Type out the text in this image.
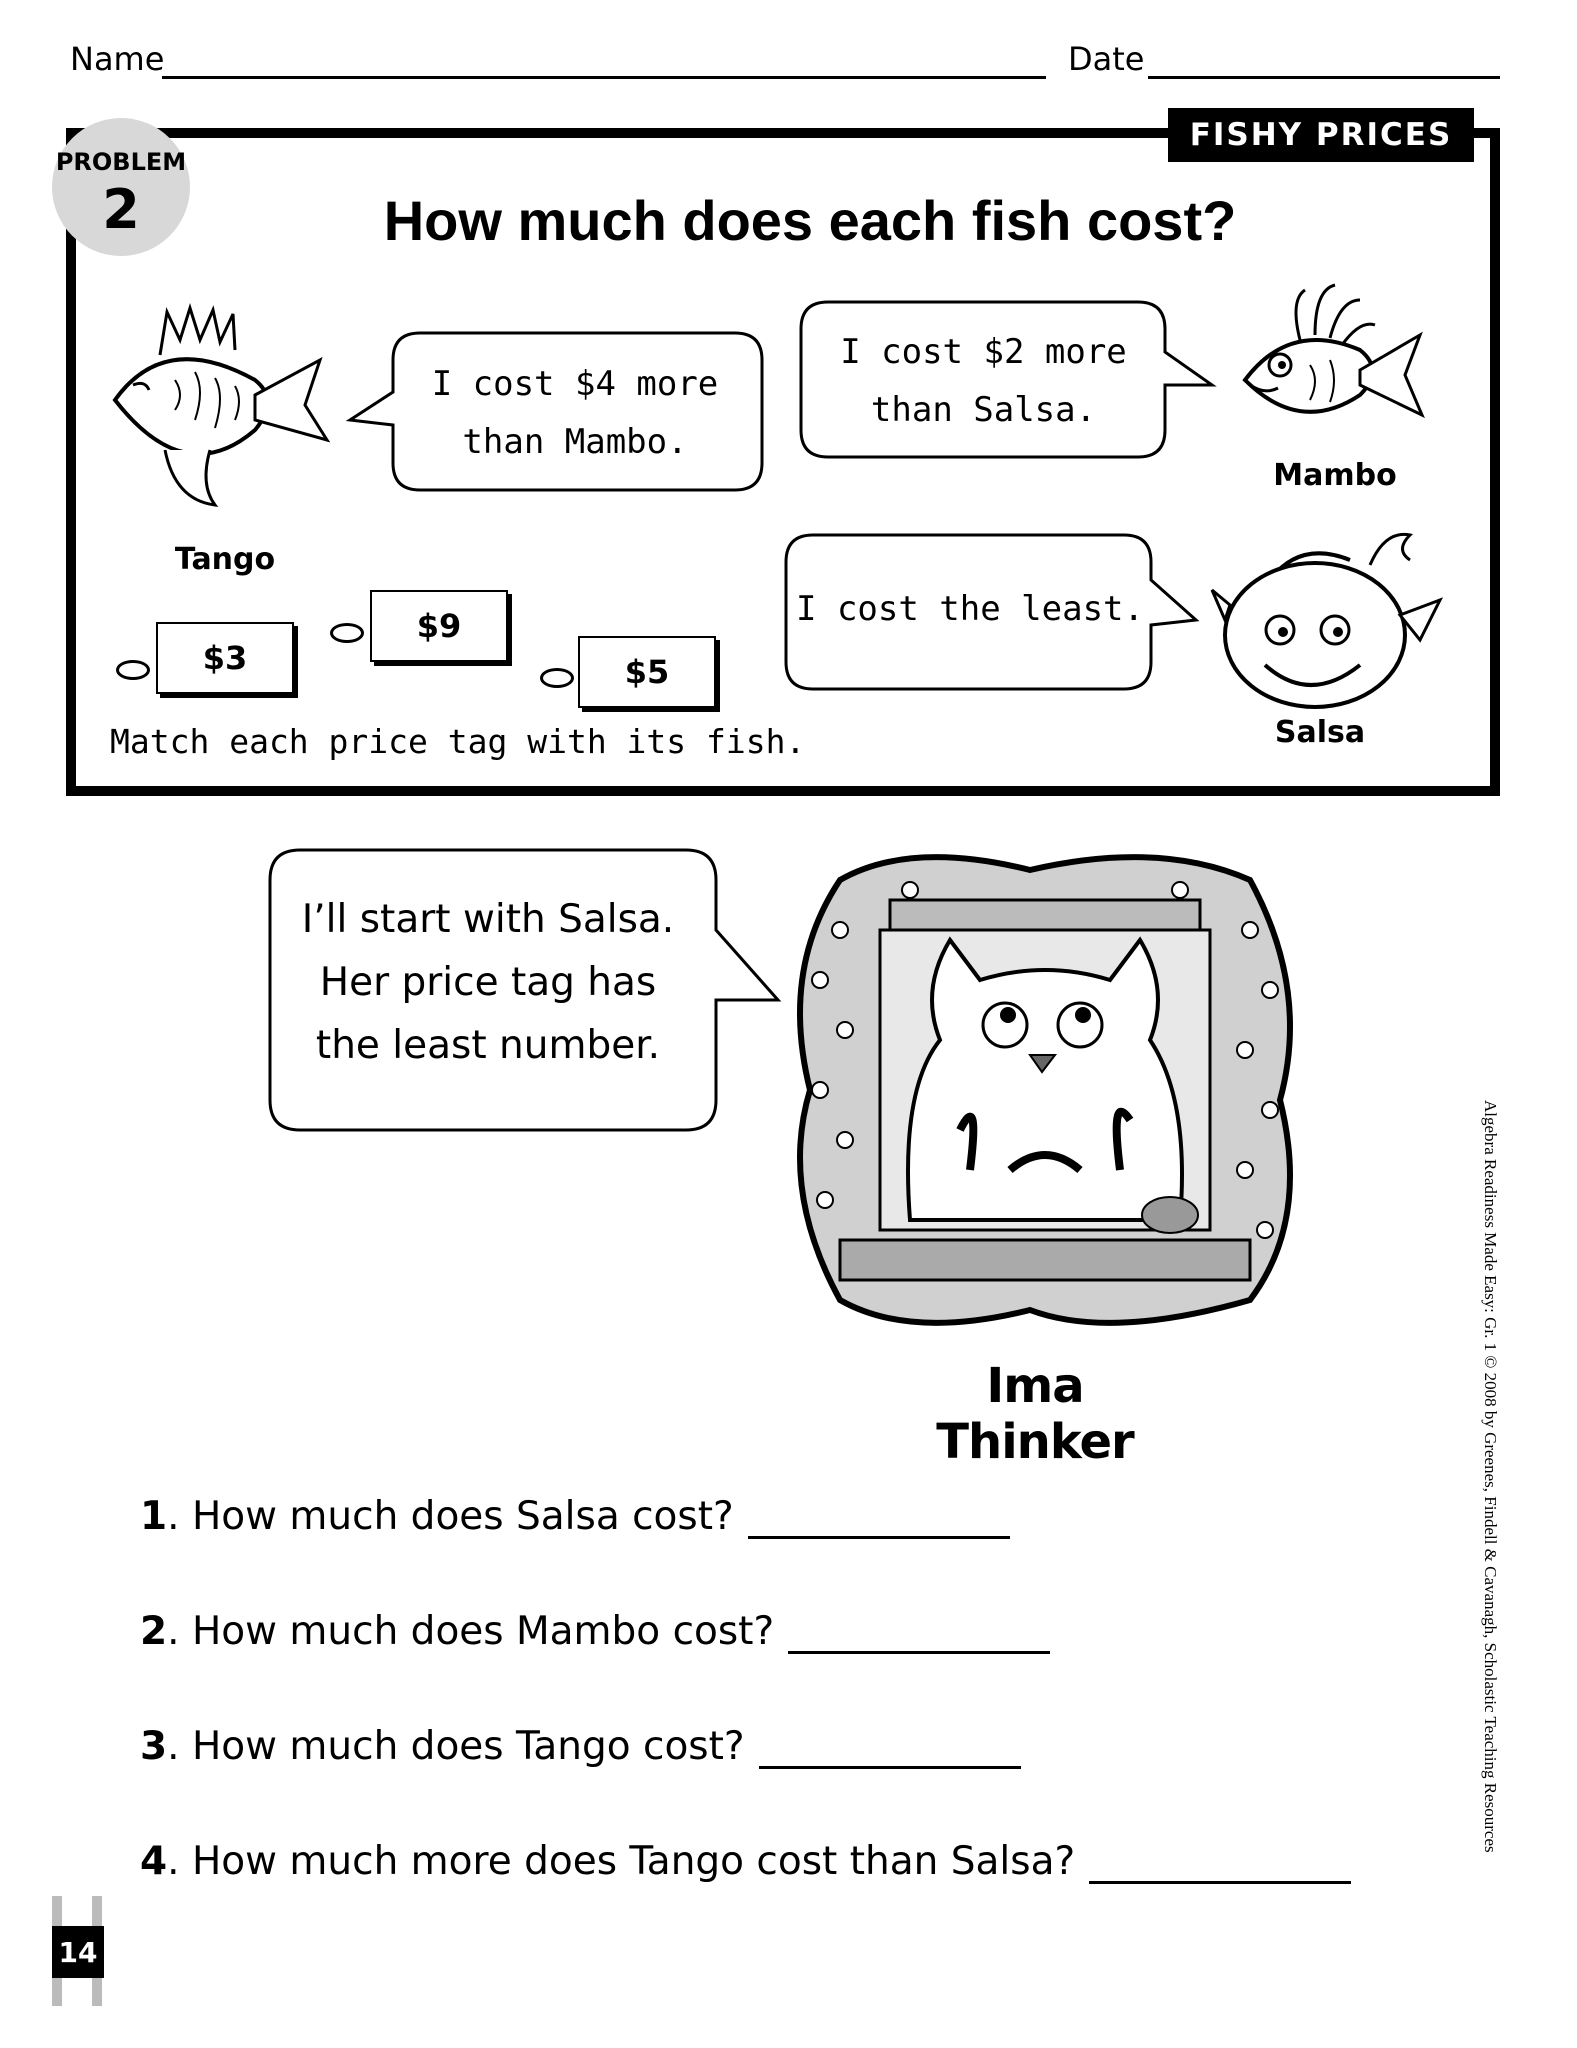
Name	Date
FISHY PRICES
PROBLEM
2	How much does each fish cost?
I cost $4 more
than Mambo.
I cost $2 more
than Salsa.
I cost the least.
Tango
Mambo
Salsa
$3
$9
$5
Match each price tag with its fish.
I’ll start with Salsa.
Her price tag has
the least number.
Ima Thinker
1 . How much does Salsa cost?
2 . How much does Mambo cost?
3 . How much does Tango cost?
4 . How much more does Tango cost than Salsa?
14
Algebra Readiness Made Easy: Gr. 1 © 2008 by Greenes, Findell & Cavanagh, Scholastic Teaching Resources
